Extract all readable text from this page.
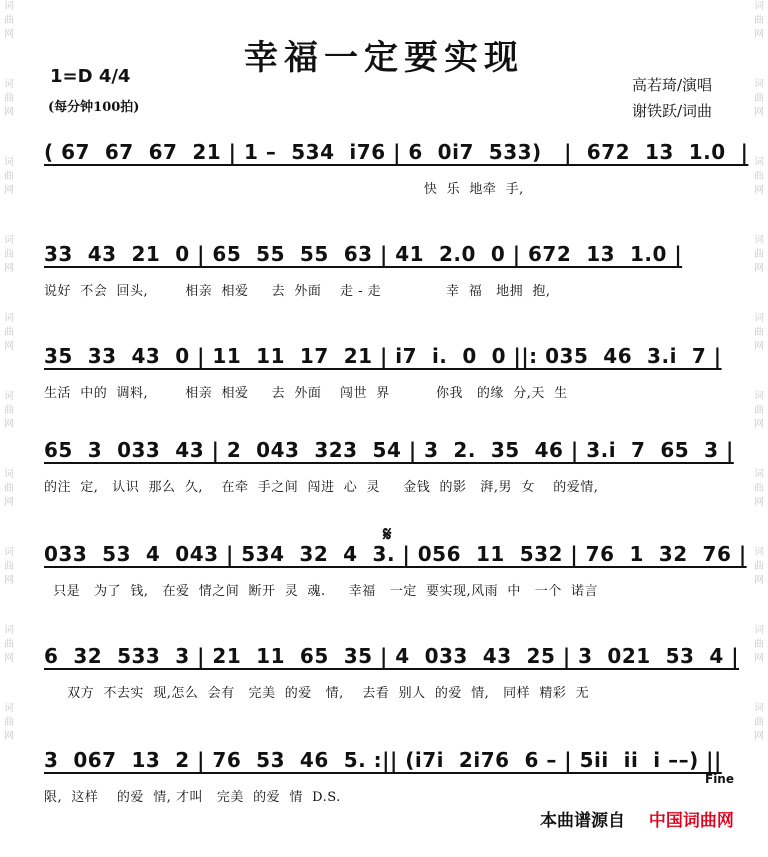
词
曲
网
词
曲
网
词
曲
网
词
曲
网
词
曲
网
词
曲
网
词
曲
网
词
曲
网
词
曲
网
词
曲
网
词
曲
网
词
曲
网
词
曲
网
词
曲
网
词
曲
网
词
曲
网
词
曲
网
词
曲
网
词
曲
网
词
曲
网
幸福一定要实现
1=D 4/4
(每分钟100拍)
高若琦/演唱
谢铁跃/词曲
( 67  67  67  21 | 1 –  534  i76 | 6  0i7  533)   |  672  13  1.0  |
快  乐  地牵  手,
33  43  21  0 | 65  55  55  63 | 41  2.0  0 | 672  13  1.0 |
说好  不会  回头,        相亲  相爱     去  外面    走 - 走              幸  福   地拥  抱,
35  33  43  0 | 11  11  17  21 | i7  i.  0  0 ||: 035  46  3.i  7 |
生活  中的  调料,        相亲  相爱     去  外面    闯世  界          你我   的缘  分,天  生
65  3  033  43 | 2  043  323  54 | 3  2.  35  46 | 3.i  7  65  3 |
的注  定,   认识  那么  久,    在牵  手之间  闯进  心  灵     金钱  的影   湃,男  女    的爱情,
𝄋
033  53  4  043 | 534  32  4  3. | 056  11  532 | 76  1  32  76 |
只是   为了  钱,   在爱  情之间  断开  灵  魂.     幸福   一定  要实现,风雨  中   一个  诺言
6  32  533  3 | 21  11  65  35 | 4  033  43  25 | 3  021  53  4 |
双方  不去实  现,怎么  会有   完美  的爱   情,    去看  别人  的爱  情,   同样  精彩  无
3  067  13  2 | 76  53  46  5. :|| (i7i  2i76  6 – | 5ii  ii  i ––) ||
限,  这样    的爱  情, 才叫   完美  的爱  情  D.S.
Fine
本曲谱源自 中国词曲网
